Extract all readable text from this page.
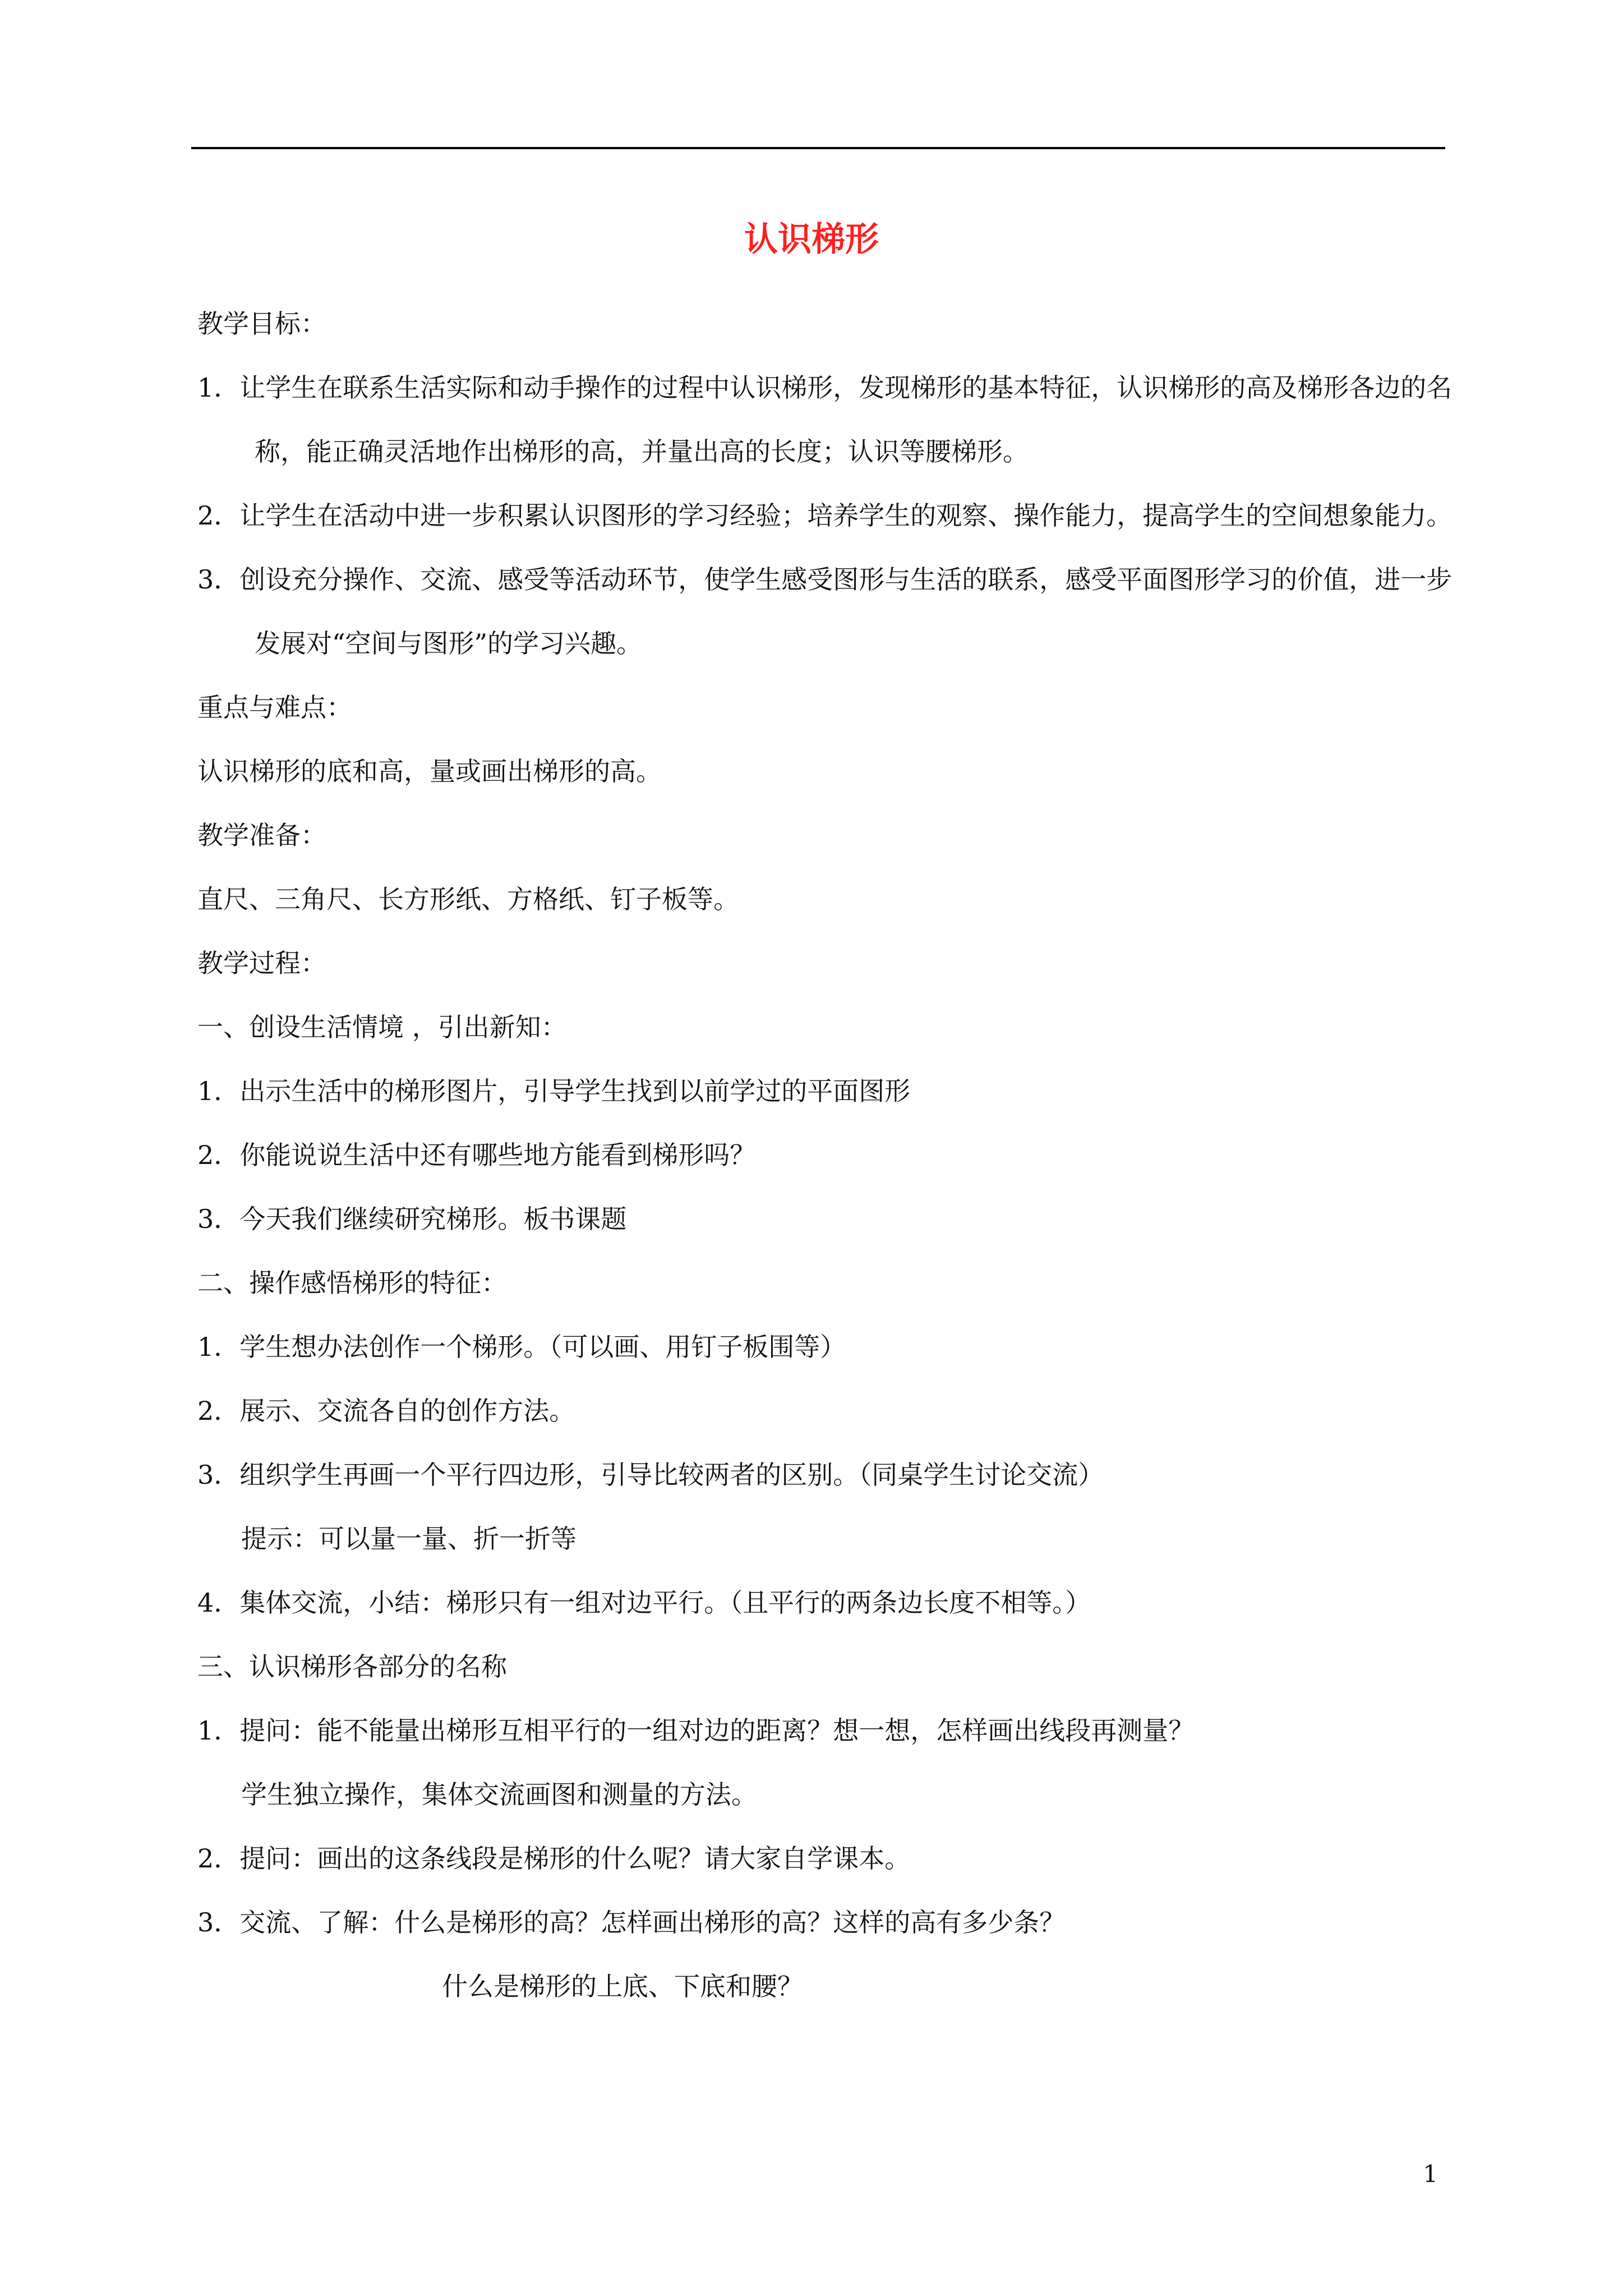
认识梯形

教学目标：

1．让学生在联系生活实际和动手操作的过程中认识梯形，发现梯形的基本特征，认识梯形的高及梯形各边的名称，能正确灵活地作出梯形的高，并量出高的长度；认识等腰梯形。

2．让学生在活动中进一步积累认识图形的学习经验；培养学生的观察、操作能力，提高学生的空间想象能力。

3．创设充分操作、交流、感受等活动环节，使学生感受图形与生活的联系，感受平面图形学习的价值，进一步发展对“空间与图形”的学习兴趣。

重点与难点：

认识梯形的底和高，量或画出梯形的高。

教学准备：

直尺、三角尺、长方形纸、方格纸、钉子板等。

教学过程：

一、创设生活情境 ，引出新知：

1．出示生活中的梯形图片，引导学生找到以前学过的平面图形

2．你能说说生活中还有哪些地方能看到梯形吗？

3．今天我们继续研究梯形。板书课题

二、操作感悟梯形的特征：

1．学生想办法创作一个梯形。（可以画、用钉子板围等）

2．展示、交流各自的创作方法。

3．组织学生再画一个平行四边形，引导比较两者的区别。（同桌学生讨论交流）

提示：可以量一量、折一折等

4．集体交流，小结：梯形只有一组对边平行。（且平行的两条边长度不相等。）

三、认识梯形各部分的名称

1．提问：能不能量出梯形互相平行的一组对边的距离？想一想，怎样画出线段再测量？

学生独立操作，集体交流画图和测量的方法。

2．提问：画出的这条线段是梯形的什么呢？请大家自学课本。

3．交流、了解：什么是梯形的高？怎样画出梯形的高？这样的高有多少条？

什么是梯形的上底、下底和腰？

1
